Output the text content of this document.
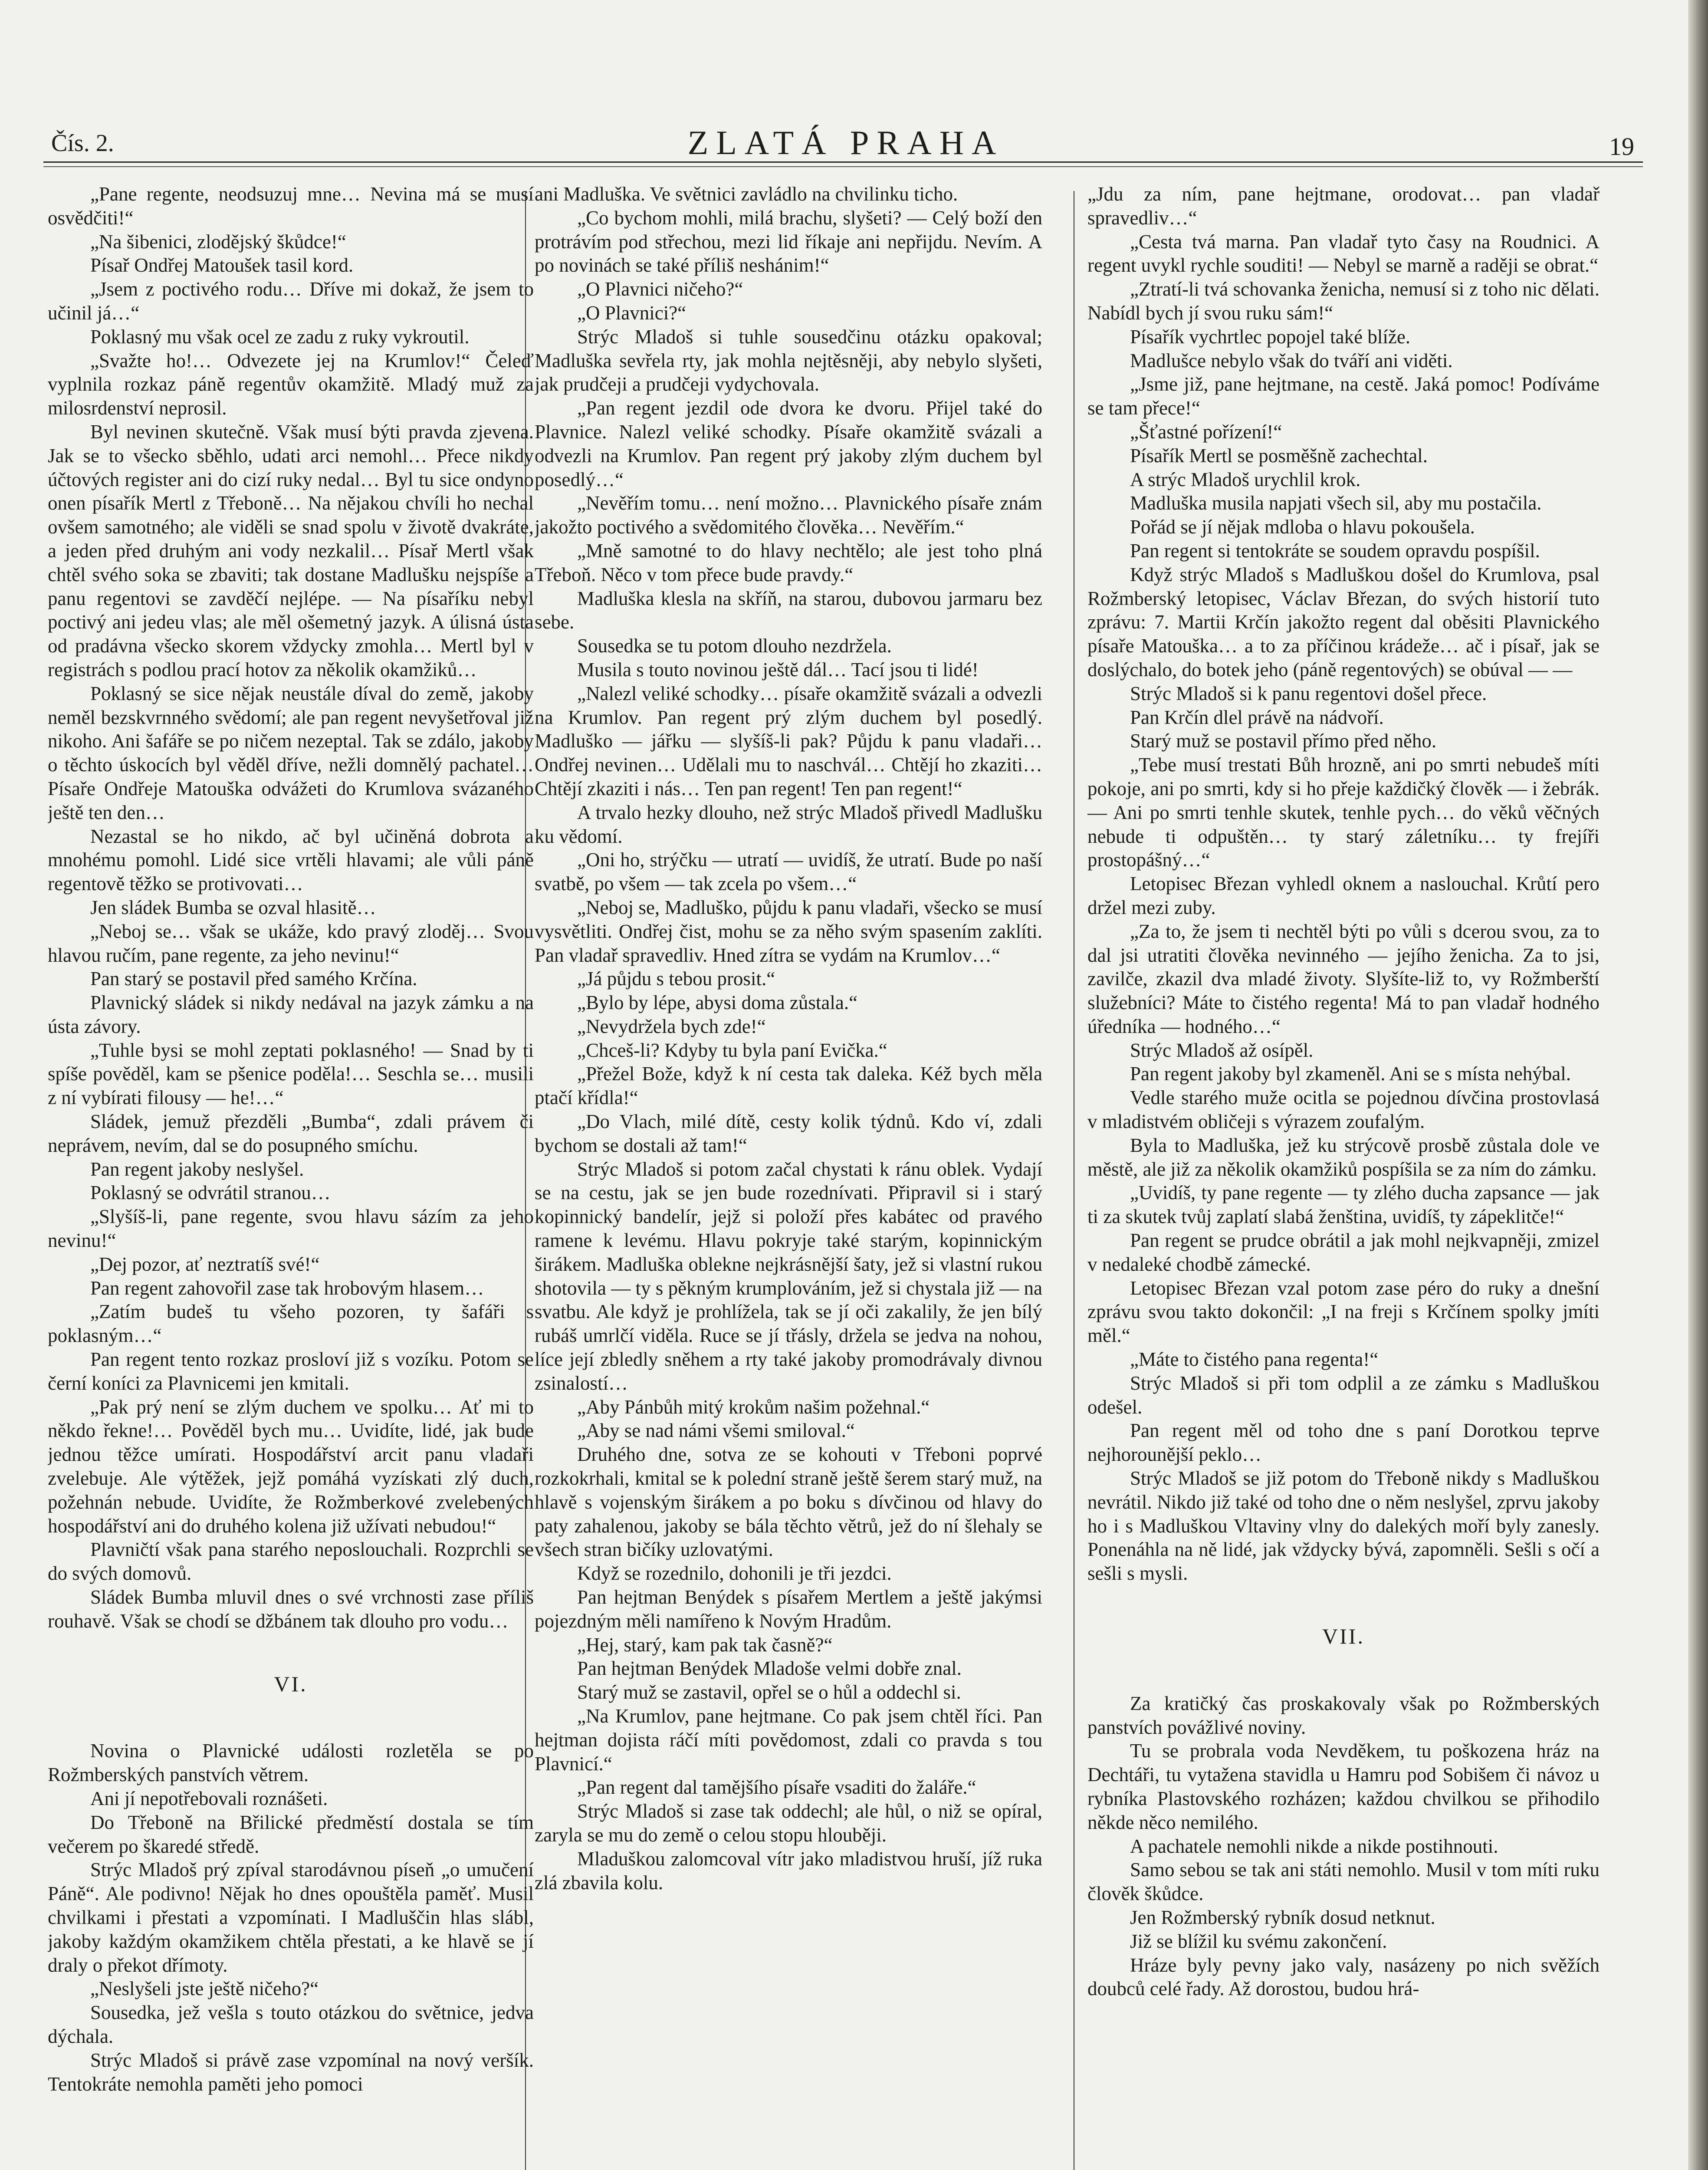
Čís. 2.	ZLATÁ PRAHA	19

„Pane regente, neodsuzuj mne… Nevina má se musí osvědčiti!“

„Na šibenici, zlodějský škůdce!“

Písař Ondřej Matoušek tasil kord.

„Jsem z poctivého rodu… Dříve mi dokaž, že jsem to učinil já…“

Poklasný mu však ocel ze zadu z ruky vykroutil.

„Svažte ho!… Odvezete jej na Krumlov!“ Čeleď vyplnila rozkaz páně regentův okamžitě. Mladý muž za milosrdenství neprosil.

Byl nevinen skutečně. Však musí býti pravda zjevena. Jak se to všecko sběhlo, udati arci nemohl… Přece nikdy účtových register ani do cizí ruky nedal… Byl tu sice ondyno onen písařík Mertl z Třeboně… Na nějakou chvíli ho nechal ovšem samotného; ale viděli se snad spolu v životě dvakráte, a jeden před druhým ani vody nezkalil… Písař Mertl však chtěl svého soka se zbaviti; tak dostane Madlušku nejspíše a panu regentovi se zavděčí nejlépe. — Na písaříku nebyl poctivý ani jedeu vlas; ale měl ošemetný jazyk. A úlisná ústa od pradávna všecko skorem vždycky zmohla… Mertl byl v registrách s podlou prací hotov za několik okamžiků…

Poklasný se sice nějak neustále díval do země, jakoby neměl bezskvrnného svědomí; ale pan regent nevyšetřoval již nikoho. Ani šafáře se po ničem nezeptal. Tak se zdálo, jakoby o těchto úskocích byl věděl dříve, nežli domnělý pachatel… Písaře Ondřeje Matouška odvážeti do Krumlova svázaného ještě ten den…

Nezastal se ho nikdo, ač byl učiněná dobrota a mnohému pomohl. Lidé sice vrtěli hlavami; ale vůli páně regentově těžko se protivovati…

Jen sládek Bumba se ozval hlasitě…

„Neboj se… však se ukáže, kdo pravý zloděj… Svou hlavou ručím, pane regente, za jeho nevinu!“

Pan starý se postavil před samého Krčína.

Plavnický sládek si nikdy nedával na jazyk zámku a na ústa závory.

„Tuhle bysi se mohl zeptati poklasného! — Snad by ti spíše pověděl, kam se pšenice poděla!… Seschla se… musili z ní vybírati filousy — he!…“

Sládek, jemuž přezděli „Bumba“, zdali právem či neprávem, nevím, dal se do posupného smíchu.

Pan regent jakoby neslyšel.

Poklasný se odvrátil stranou…

„Slyšíš-li, pane regente, svou hlavu sázím za jeho nevinu!“

„Dej pozor, ať neztratíš své!“

Pan regent zahovořil zase tak hrobovým hlasem…

„Zatím budeš tu všeho pozoren, ty šafáři s poklasným…“

Pan regent tento rozkaz prosloví již s vozíku. Potom se černí koníci za Plavnicemi jen kmitali.

„Pak prý není se zlým duchem ve spolku… Ať mi to někdo řekne!… Pověděl bych mu… Uvidíte, lidé, jak bude jednou těžce umírati. Hospodářství arcit panu vladaři zvelebuje. Ale výtěžek, jejž pomáhá vyzískati zlý duch, požehnán nebude. Uvidíte, že Rožmberkové zvelebených hospodářství ani do druhého kolena již užívati nebudou!“

Plavničtí však pana starého neposlouchali. Rozprchli se do svých domovů.

Sládek Bumba mluvil dnes o své vrchnosti zase příliš rouhavě. Však se chodí se džbánem tak dlouho pro vodu…

VI.

Novina o Plavnické události rozletěla se po Rožmberských panstvích větrem.

Ani jí nepotřebovali roznášeti.

Do Třeboně na Břilické předměstí dostala se tím večerem po škaredé středě.

Strýc Mladoš prý zpíval starodávnou píseň „o umučení Páně“. Ale podivno! Nějak ho dnes opouštěla paměť. Musil chvilkami i přestati a vzpomínati. I Madluščin hlas slábl, jakoby každým okamžikem chtěla přestati, a ke hlavě se jí draly o překot dřímoty.

„Neslyšeli jste ještě ničeho?“

Sousedka, jež vešla s touto otázkou do světnice, jedva dýchala.

Strýc Mladoš si právě zase vzpomínal na nový veršík. Tentokráte nemohla paměti jeho pomoci

ani Madluška. Ve světnici zavládlo na chvilinku ticho.

„Co bychom mohli, milá brachu, slyšeti? — Celý boží den protrávím pod střechou, mezi lid říkaje ani nepřijdu. Nevím. A po novinách se také příliš neshánim!“

„O Plavnici ničeho?“

„O Plavnici?“

Strýc Mladoš si tuhle sousedčinu otázku opakoval; Madluška sevřela rty, jak mohla nejtěsněji, aby nebylo slyšeti, jak prudčeji a prudčeji vydychovala.

„Pan regent jezdil ode dvora ke dvoru. Přijel také do Plavnice. Nalezl veliké schodky. Písaře okamžitě svázali a odvezli na Krumlov. Pan regent prý jakoby zlým duchem byl posedlý…“

„Nevěřím tomu… není možno… Plavnického písaře znám jakožto poctivého a svědomitého člověka… Nevěřím.“

„Mně samotné to do hlavy nechtělo; ale jest toho plná Třeboň. Něco v tom přece bude pravdy.“

Madluška klesla na skříň, na starou, dubovou jarmaru bez sebe.

Sousedka se tu potom dlouho nezdržela.

Musila s touto novinou ještě dál… Tací jsou ti lidé!

„Nalezl veliké schodky… písaře okamžitě svázali a odvezli na Krumlov. Pan regent prý zlým duchem byl posedlý. Madluško — jářku — slyšíš-li pak? Půjdu k panu vladaři… Ondřej nevinen… Udělali mu to naschvál… Chtějí ho zkaziti… Chtějí zkaziti i nás… Ten pan regent! Ten pan regent!“

A trvalo hezky dlouho, než strýc Mladoš přivedl Madlušku ku vědomí.

„Oni ho, strýčku — utratí — uvidíš, že utratí. Bude po naší svatbě, po všem — tak zcela po všem…“

„Neboj se, Madluško, půjdu k panu vladaři, všecko se musí vysvětliti. Ondřej čist, mohu se za něho svým spasením zaklíti. Pan vladař spravedliv. Hned zítra se vydám na Krumlov…“

„Já půjdu s tebou prosit.“

„Bylo by lépe, abysi doma zůstala.“

„Nevydržela bych zde!“

„Chceš-li? Kdyby tu byla paní Evička.“

„Přežel Bože, když k ní cesta tak daleka. Kéž bych měla ptačí křídla!“

„Do Vlach, milé dítě, cesty kolik týdnů. Kdo ví, zdali bychom se dostali až tam!“

Strýc Mladoš si potom začal chystati k ránu oblek. Vydají se na cestu, jak se jen bude rozednívati. Připravil si i starý kopinnický bandelír, jejž si položí přes kabátec od pravého ramene k levému. Hlavu pokryje také starým, kopinnickým širákem. Madluška oblekne nejkrásnější šaty, jež si vlastní rukou shotovila — ty s pěkným krumplováním, jež si chystala již — na svatbu. Ale když je prohlížela, tak se jí oči zakalily, že jen bílý rubáš umrlčí viděla. Ruce se jí třásly, držela se jedva na nohou, líce její zbledly sněhem a rty také jakoby promodrávaly divnou zsinalostí…

„Aby Pánbůh mitý krokům našim požehnal.“

„Aby se nad námi všemi smiloval.“

Druhého dne, sotva ze se kohouti v Třeboni poprvé rozkokrhali, kmital se k polední straně ještě šerem starý muž, na hlavě s vojenským širákem a po boku s dívčinou od hlavy do paty zahalenou, jakoby se bála těchto větrů, jež do ní šlehaly se všech stran bičíky uzlovatými.

Když se rozednilo, dohonili je tři jezdci.

Pan hejtman Benýdek s písařem Mertlem a ještě jakýmsi pojezdným měli namířeno k Novým Hradům.

„Hej, starý, kam pak tak časně?“

Pan hejtman Benýdek Mladoše velmi dobře znal.

Starý muž se zastavil, opřel se o hůl a oddechl si.

„Na Krumlov, pane hejtmane. Co pak jsem chtěl říci. Pan hejtman dojista ráčí míti povědomost, zdali co pravda s tou Plavnicí.“

„Pan regent dal tamějšího písaře vsaditi do žaláře.“

Strýc Mladoš si zase tak oddechl; ale hůl, o niž se opíral, zaryla se mu do země o celou stopu hlouběji.

Mladuškou zalomcoval vítr jako mladistvou hruší, jíž ruka zlá zbavila kolu.

„Jdu za ním, pane hejtmane, orodovat… pan vladař spravedliv…“

„Cesta tvá marna. Pan vladař tyto časy na Roudnici. A regent uvykl rychle souditi! — Nebyl se marně a raději se obrat.“

„Ztratí-li tvá schovanka ženicha, nemusí si z toho nic dělati. Nabídl bych jí svou ruku sám!“

Písařík vychrtlec popojel také blíže.

Madlušce nebylo však do tváří ani viděti.

„Jsme již, pane hejtmane, na cestě. Jaká pomoc! Podíváme se tam přece!“

„Šťastné pořízení!“

Písařík Mertl se posměšně zachechtal.

A strýc Mladoš urychlil krok.

Madluška musila napjati všech sil, aby mu postačila.

Pořád se jí nějak mdloba o hlavu pokoušela.

Pan regent si tentokráte se soudem opravdu pospíšil.

Když strýc Mladoš s Madluškou došel do Krumlova, psal Rožmberský letopisec, Václav Březan, do svých historií tuto zprávu: 7. Martii Krčín jakožto regent dal oběsiti Plavnického písaře Matouška… a to za příčinou krádeže… ač i písař, jak se doslýchalo, do botek jeho (páně regentových) se obúval — —

Strýc Mladoš si k panu regentovi došel přece.

Pan Krčín dlel právě na nádvoří.

Starý muž se postavil přímo před něho.

„Tebe musí trestati Bůh hrozně, ani po smrti nebudeš míti pokoje, ani po smrti, kdy si ho přeje každičký člověk — i žebrák. — Ani po smrti tenhle skutek, tenhle pych… do věků věčných nebude ti odpuštěn… ty starý záletníku… ty frejíři prostopášný…“

Letopisec Březan vyhledl oknem a naslouchal. Krůtí pero držel mezi zuby.

„Za to, že jsem ti nechtěl býti po vůli s dcerou svou, za to dal jsi utratiti člověka nevinného — jejího ženicha. Za to jsi, zavilče, zkazil dva mladé životy. Slyšíte-liž to, vy Rožmberští služebníci? Máte to čistého regenta! Má to pan vladař hodného úředníka — hodného…“

Strýc Mladoš až osípěl.

Pan regent jakoby byl zkameněl. Ani se s místa nehýbal.

Vedle starého muže ocitla se pojednou dívčina prostovlasá v mladistvém obličeji s výrazem zoufalým.

Byla to Madluška, jež ku strýcově prosbě zůstala dole ve městě, ale již za několik okamžiků pospíšila se za ním do zámku.

„Uvidíš, ty pane regente — ty zlého ducha zapsance — jak ti za skutek tvůj zaplatí slabá ženština, uvidíš, ty zápeklitče!“

Pan regent se prudce obrátil a jak mohl nejkvapněji, zmizel v nedaleké chodbě zámecké.

Letopisec Březan vzal potom zase péro do ruky a dnešní zprávu svou takto dokončil: „I na freji s Krčínem spolky jmíti měl.“

„Máte to čistého pana regenta!“

Strýc Mladoš si při tom odplil a ze zámku s Madluškou odešel.

Pan regent měl od toho dne s paní Dorotkou teprve nejhorounější peklo…

Strýc Mladoš se již potom do Třeboně nikdy s Madluškou nevrátil. Nikdo již také od toho dne o něm neslyšel, zprvu jakoby ho i s Madluškou Vltaviny vlny do dalekých moří byly zanesly. Ponenáhla na ně lidé, jak vždycky bývá, zapomněli. Sešli s očí a sešli s mysli.

VII.

Za kratičký čas proskakovaly však po Rožmberských panstvích povážlivé noviny.

Tu se probrala voda Nevděkem, tu poškozena hráz na Dechtáři, tu vytažena stavidla u Hamru pod Sobišem či návoz u rybníka Plastovského rozházen; každou chvilkou se přihodilo někde něco nemilého.

A pachatele nemohli nikde a nikde postihnouti.

Samo sebou se tak ani státi nemohlo. Musil v tom míti ruku člověk škůdce.

Jen Rožmberský rybník dosud netknut.

Již se blížil ku svému zakončení.

Hráze byly pevny jako valy, nasázeny po nich svěžích doubců celé řady. Až dorostou, budou hrá-
